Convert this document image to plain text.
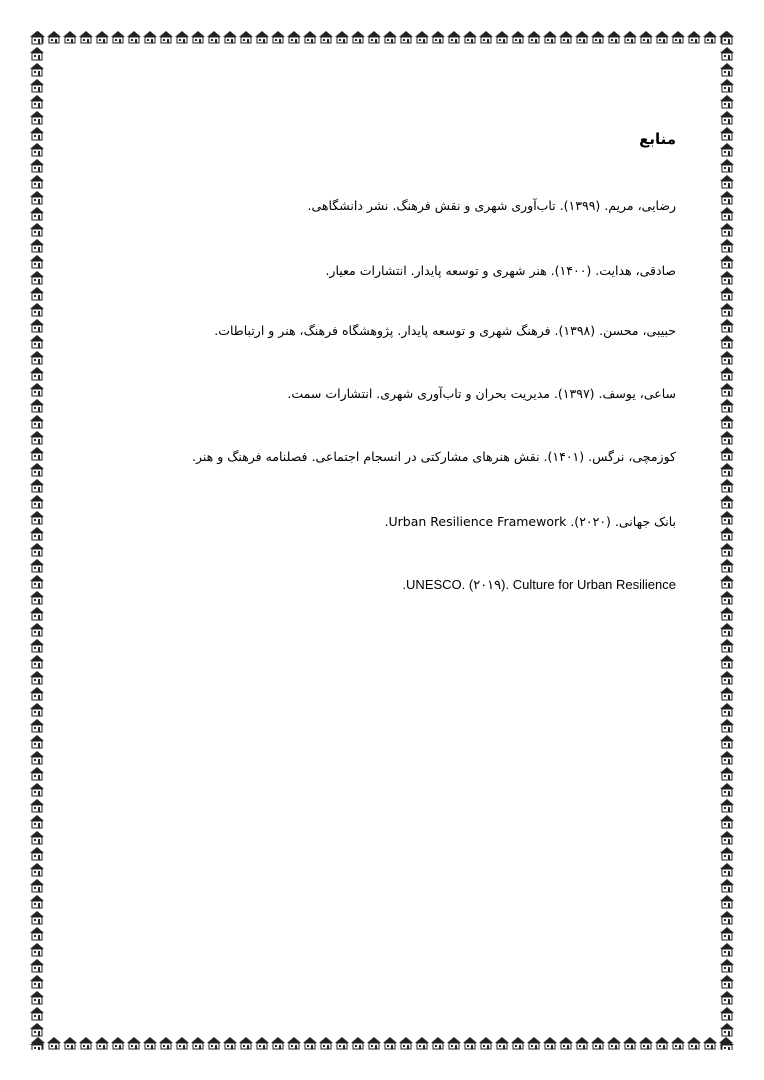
منابع
رضایی، مریم. (۱۳۹۹). تاب‌آوری شهری و نقش فرهنگ. نشر دانشگاهی.
صادقی، هدایت. (۱۴۰۰). هنر شهری و توسعه پایدار. انتشارات معیار.
حبیبی، محسن. (۱۳۹۸). فرهنگ شهری و توسعه پایدار. پژوهشگاه فرهنگ، هنر و ارتباطات.
ساعی، یوسف. (۱۳۹۷). مدیریت بحران و تاب‌آوری شهری. انتشارات سمت.
کوزمچی، نرگس. (۱۴۰۱). نقش هنرهای مشارکتی در انسجام اجتماعی. فصلنامه فرهنگ و هنر.
بانک جهانی. (۲۰۲۰). Urban Resilience Framework.
UNESCO. (۲۰۱۹). Culture for Urban Resilience.
